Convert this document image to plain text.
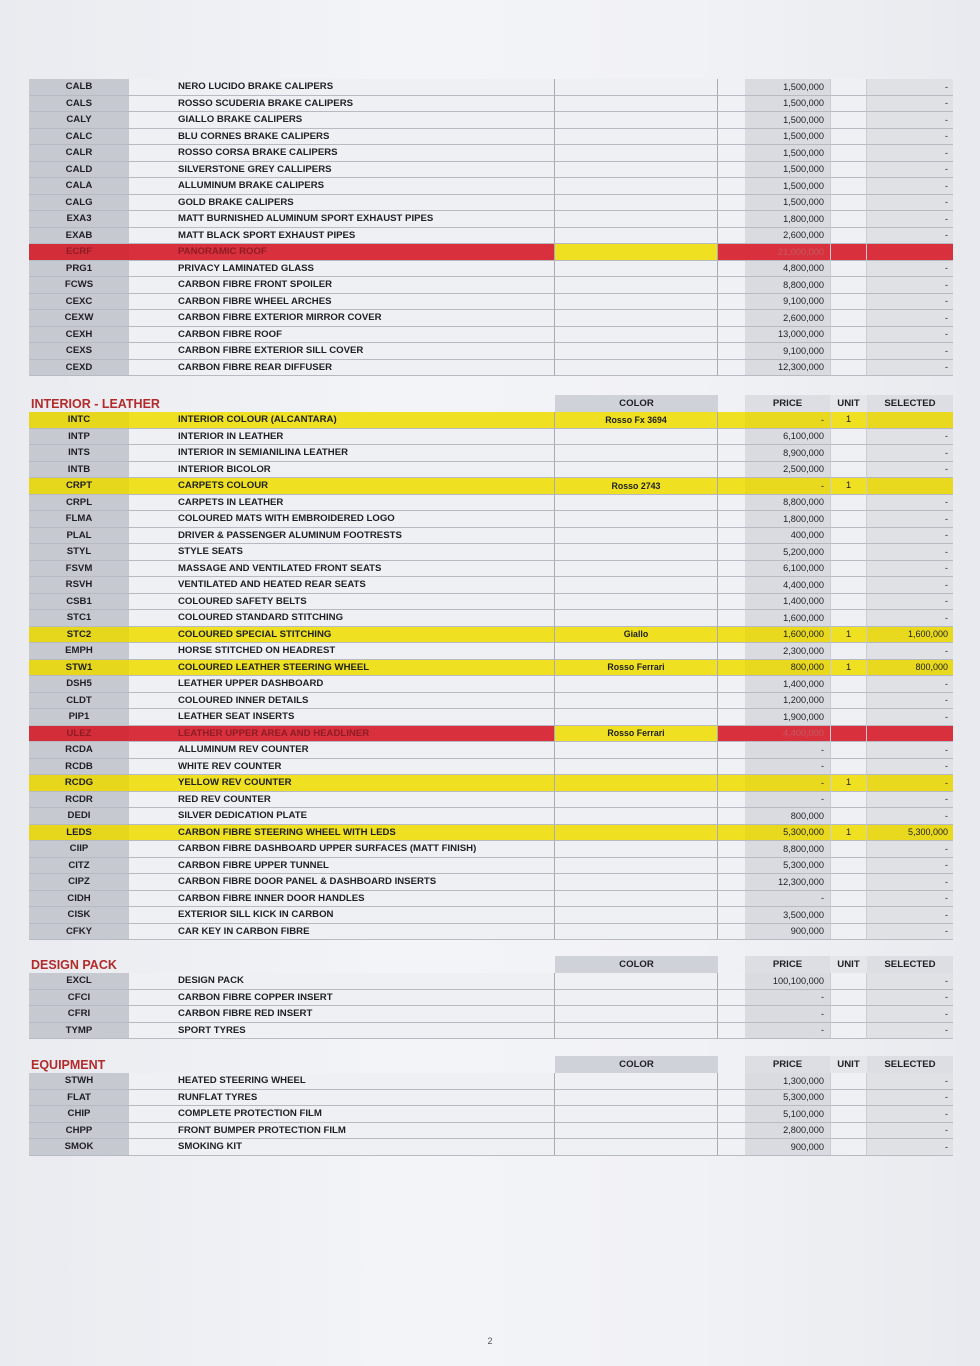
CALB	NERO LUCIDO BRAKE CALIPERS	1,500,000	-
CALS	ROSSO SCUDERIA BRAKE CALIPERS	1,500,000	-
CALY	GIALLO BRAKE CALIPERS	1,500,000	-
CALC	BLU CORNES BRAKE CALIPERS	1,500,000	-
CALR	ROSSO CORSA BRAKE CALIPERS	1,500,000	-
CALD	SILVERSTONE GREY CALLIPERS	1,500,000	-
CALA	ALLUMINUM BRAKE CALIPERS	1,500,000	-
CALG	GOLD BRAKE CALIPERS	1,500,000	-
EXA3	MATT BURNISHED ALUMINUM SPORT EXHAUST PIPES	1,800,000	-
EXAB	MATT BLACK SPORT EXHAUST PIPES	2,600,000	-
ECRF	PANORAMIC ROOF	21,000,000
PRG1	PRIVACY LAMINATED GLASS	4,800,000	-
FCWS	CARBON FIBRE FRONT SPOILER	8,800,000	-
CEXC	CARBON FIBRE WHEEL ARCHES	9,100,000	-
CEXW	CARBON FIBRE EXTERIOR MIRROR COVER	2,600,000	-
CEXH	CARBON FIBRE ROOF	13,000,000	-
CEXS	CARBON FIBRE EXTERIOR SILL COVER	9,100,000	-
CEXD	CARBON FIBRE REAR DIFFUSER	12,300,000	-
INTERIOR - LEATHER	COLOR	PRICE	UNIT	SELECTED
INTC	INTERIOR COLOUR (ALCANTARA)	Rosso Fx 3694	-	1
INTP	INTERIOR IN LEATHER	6,100,000	-
INTS	INTERIOR IN SEMIANILINA LEATHER	8,900,000	-
INTB	INTERIOR BICOLOR	2,500,000	-
CRPT	CARPETS COLOUR	Rosso 2743	-	1
CRPL	CARPETS IN LEATHER	8,800,000	-
FLMA	COLOURED MATS WITH EMBROIDERED LOGO	1,800,000	-
PLAL	DRIVER & PASSENGER ALUMINUM FOOTRESTS	400,000	-
STYL	STYLE SEATS	5,200,000	-
FSVM	MASSAGE AND VENTILATED FRONT SEATS	6,100,000	-
RSVH	VENTILATED AND HEATED REAR SEATS	4,400,000	-
CSB1	COLOURED SAFETY BELTS	1,400,000	-
STC1	COLOURED STANDARD STITCHING	1,600,000	-
STC2	COLOURED SPECIAL STITCHING	Giallo	1,600,000	1	1,600,000
EMPH	HORSE STITCHED ON HEADREST	2,300,000	-
STW1	COLOURED LEATHER STEERING WHEEL	Rosso Ferrari	800,000	1	800,000
DSH5	LEATHER UPPER DASHBOARD	1,400,000	-
CLDT	COLOURED INNER DETAILS	1,200,000	-
PIP1	LEATHER SEAT INSERTS	1,900,000	-
ULEZ	LEATHER UPPER AREA AND HEADLINER	Rosso Ferrari	4,400,000
RCDA	ALLUMINUM REV COUNTER	-	-
RCDB	WHITE REV COUNTER	-	-
RCDG	YELLOW REV COUNTER	-	1	-
RCDR	RED REV COUNTER	-	-
DEDI	SILVER DEDICATION PLATE	800,000	-
LEDS	CARBON FIBRE STEERING WHEEL WITH LEDS	5,300,000	1	5,300,000
CIIP	CARBON FIBRE DASHBOARD UPPER SURFACES (MATT FINISH)	8,800,000	-
CITZ	CARBON FIBRE UPPER TUNNEL	5,300,000	-
CIPZ	CARBON FIBRE DOOR PANEL & DASHBOARD INSERTS	12,300,000	-
CIDH	CARBON FIBRE INNER DOOR HANDLES	-	-
CISK	EXTERIOR SILL KICK IN CARBON	3,500,000	-
CFKY	CAR KEY IN CARBON FIBRE	900,000	-
DESIGN PACK	COLOR	PRICE	UNIT	SELECTED
EXCL	DESIGN PACK	100,100,000	-
CFCI	CARBON FIBRE COPPER INSERT	-	-
CFRI	CARBON FIBRE RED INSERT	-	-
TYMP	SPORT TYRES	-	-
EQUIPMENT	COLOR	PRICE	UNIT	SELECTED
STWH	HEATED STEERING WHEEL	1,300,000	-
FLAT	RUNFLAT TYRES	5,300,000	-
CHIP	COMPLETE PROTECTION FILM	5,100,000	-
CHPP	FRONT BUMPER PROTECTION FILM	2,800,000	-
SMOK	SMOKING KIT	900,000	-
2
